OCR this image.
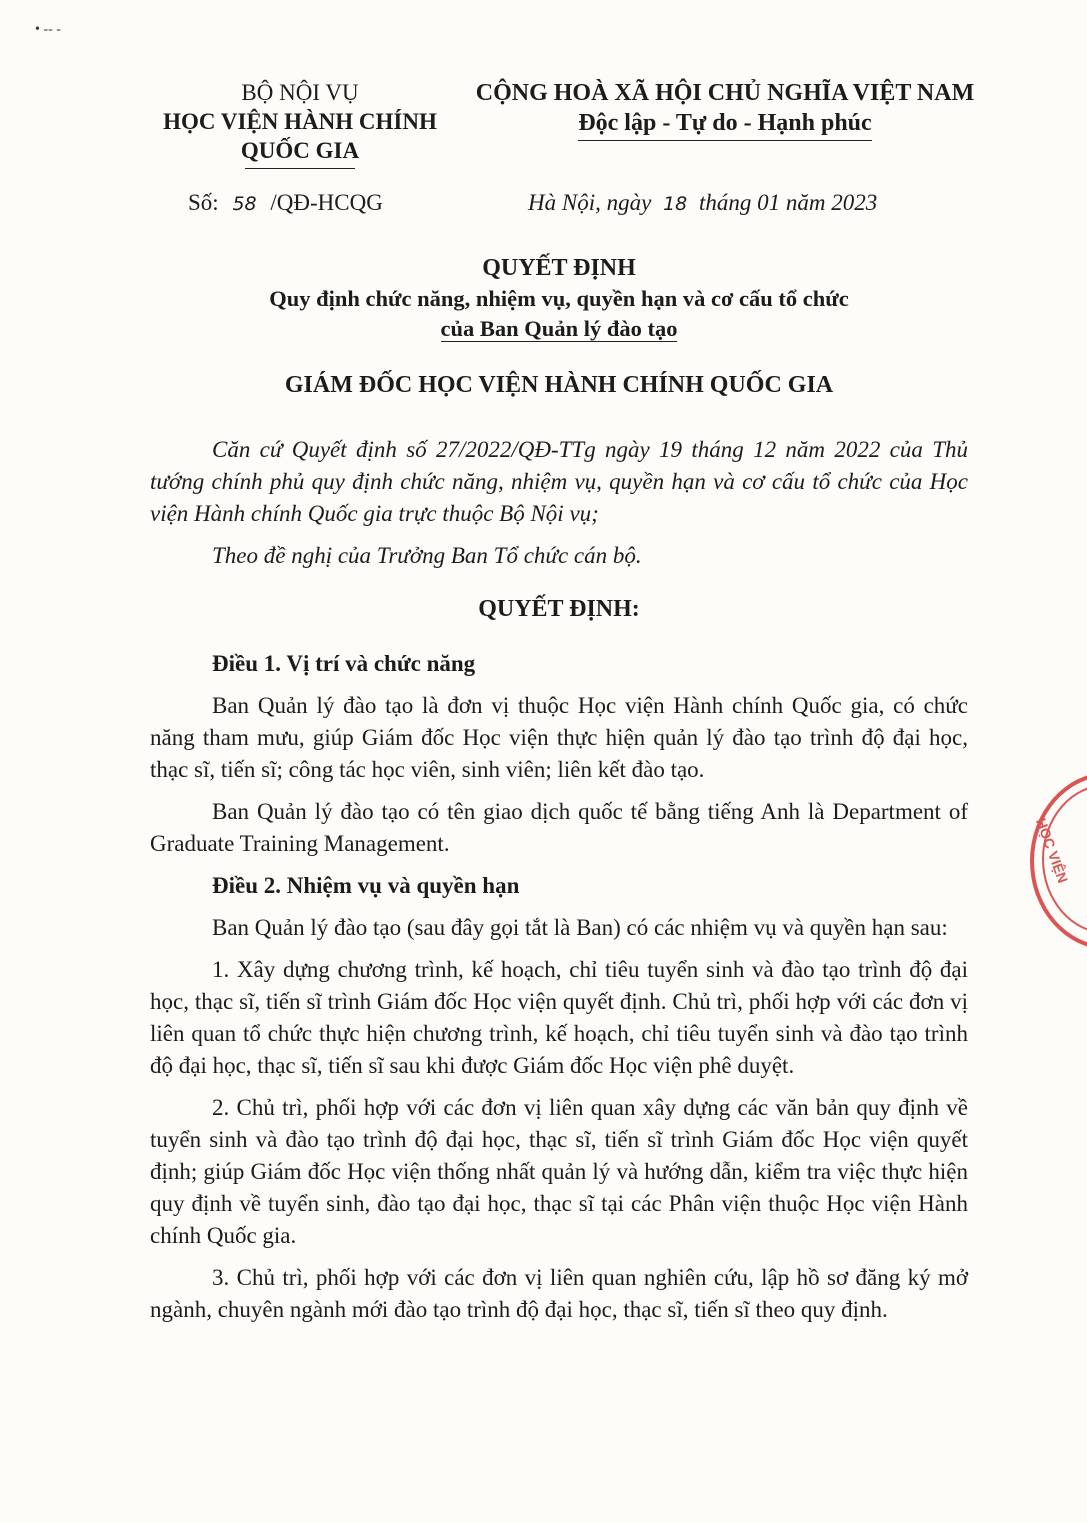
• ‐‐ ‐
BỘ NỘI VỤ
HỌC VIỆN HÀNH CHÍNH
QUỐC GIA
CỘNG HOÀ XÃ HỘI CHỦ NGHĨA VIỆT NAM
Độc lập - Tự do - Hạnh phúc
Số: 58 /QĐ-HCQG	Hà Nội, ngày 18 tháng 01 năm 2023
QUYẾT ĐỊNH
Quy định chức năng, nhiệm vụ, quyền hạn và cơ cấu tổ chức
của Ban Quản lý đào tạo
GIÁM ĐỐC HỌC VIỆN HÀNH CHÍNH QUỐC GIA

Căn cứ Quyết định số 27/2022/QĐ-TTg ngày 19 tháng 12 năm 2022 của Thủ tướng chính phủ quy định chức năng, nhiệm vụ, quyền hạn và cơ cấu tổ chức của Học viện Hành chính Quốc gia trực thuộc Bộ Nội vụ;

Theo đề nghị của Trưởng Ban Tổ chức cán bộ.

QUYẾT ĐỊNH:

Điều 1. Vị trí và chức năng

Ban Quản lý đào tạo là đơn vị thuộc Học viện Hành chính Quốc gia, có chức năng tham mưu, giúp Giám đốc Học viện thực hiện quản lý đào tạo trình độ đại học, thạc sĩ, tiến sĩ; công tác học viên, sinh viên; liên kết đào tạo.

Ban Quản lý đào tạo có tên giao dịch quốc tế bằng tiếng Anh là Department of Graduate Training Management.

Điều 2. Nhiệm vụ và quyền hạn

Ban Quản lý đào tạo (sau đây gọi tắt là Ban) có các nhiệm vụ và quyền hạn sau:

1. Xây dựng chương trình, kế hoạch, chỉ tiêu tuyển sinh và đào tạo trình độ đại học, thạc sĩ, tiến sĩ trình Giám đốc Học viện quyết định. Chủ trì, phối hợp với các đơn vị liên quan tổ chức thực hiện chương trình, kế hoạch, chỉ tiêu tuyển sinh và đào tạo trình độ đại học, thạc sĩ, tiến sĩ sau khi được Giám đốc Học viện phê duyệt.

2. Chủ trì, phối hợp với các đơn vị liên quan xây dựng các văn bản quy định về tuyển sinh và đào tạo trình độ đại học, thạc sĩ, tiến sĩ trình Giám đốc Học viện quyết định; giúp Giám đốc Học viện thống nhất quản lý và hướng dẫn, kiểm tra việc thực hiện quy định về tuyển sinh, đào tạo đại học, thạc sĩ tại các Phân viện thuộc Học viện Hành chính Quốc gia.

3. Chủ trì, phối hợp với các đơn vị liên quan nghiên cứu, lập hồ sơ đăng ký mở ngành, chuyên ngành mới đào tạo trình độ đại học, thạc sĩ, tiến sĩ theo quy định.

HỌC VIỆN
